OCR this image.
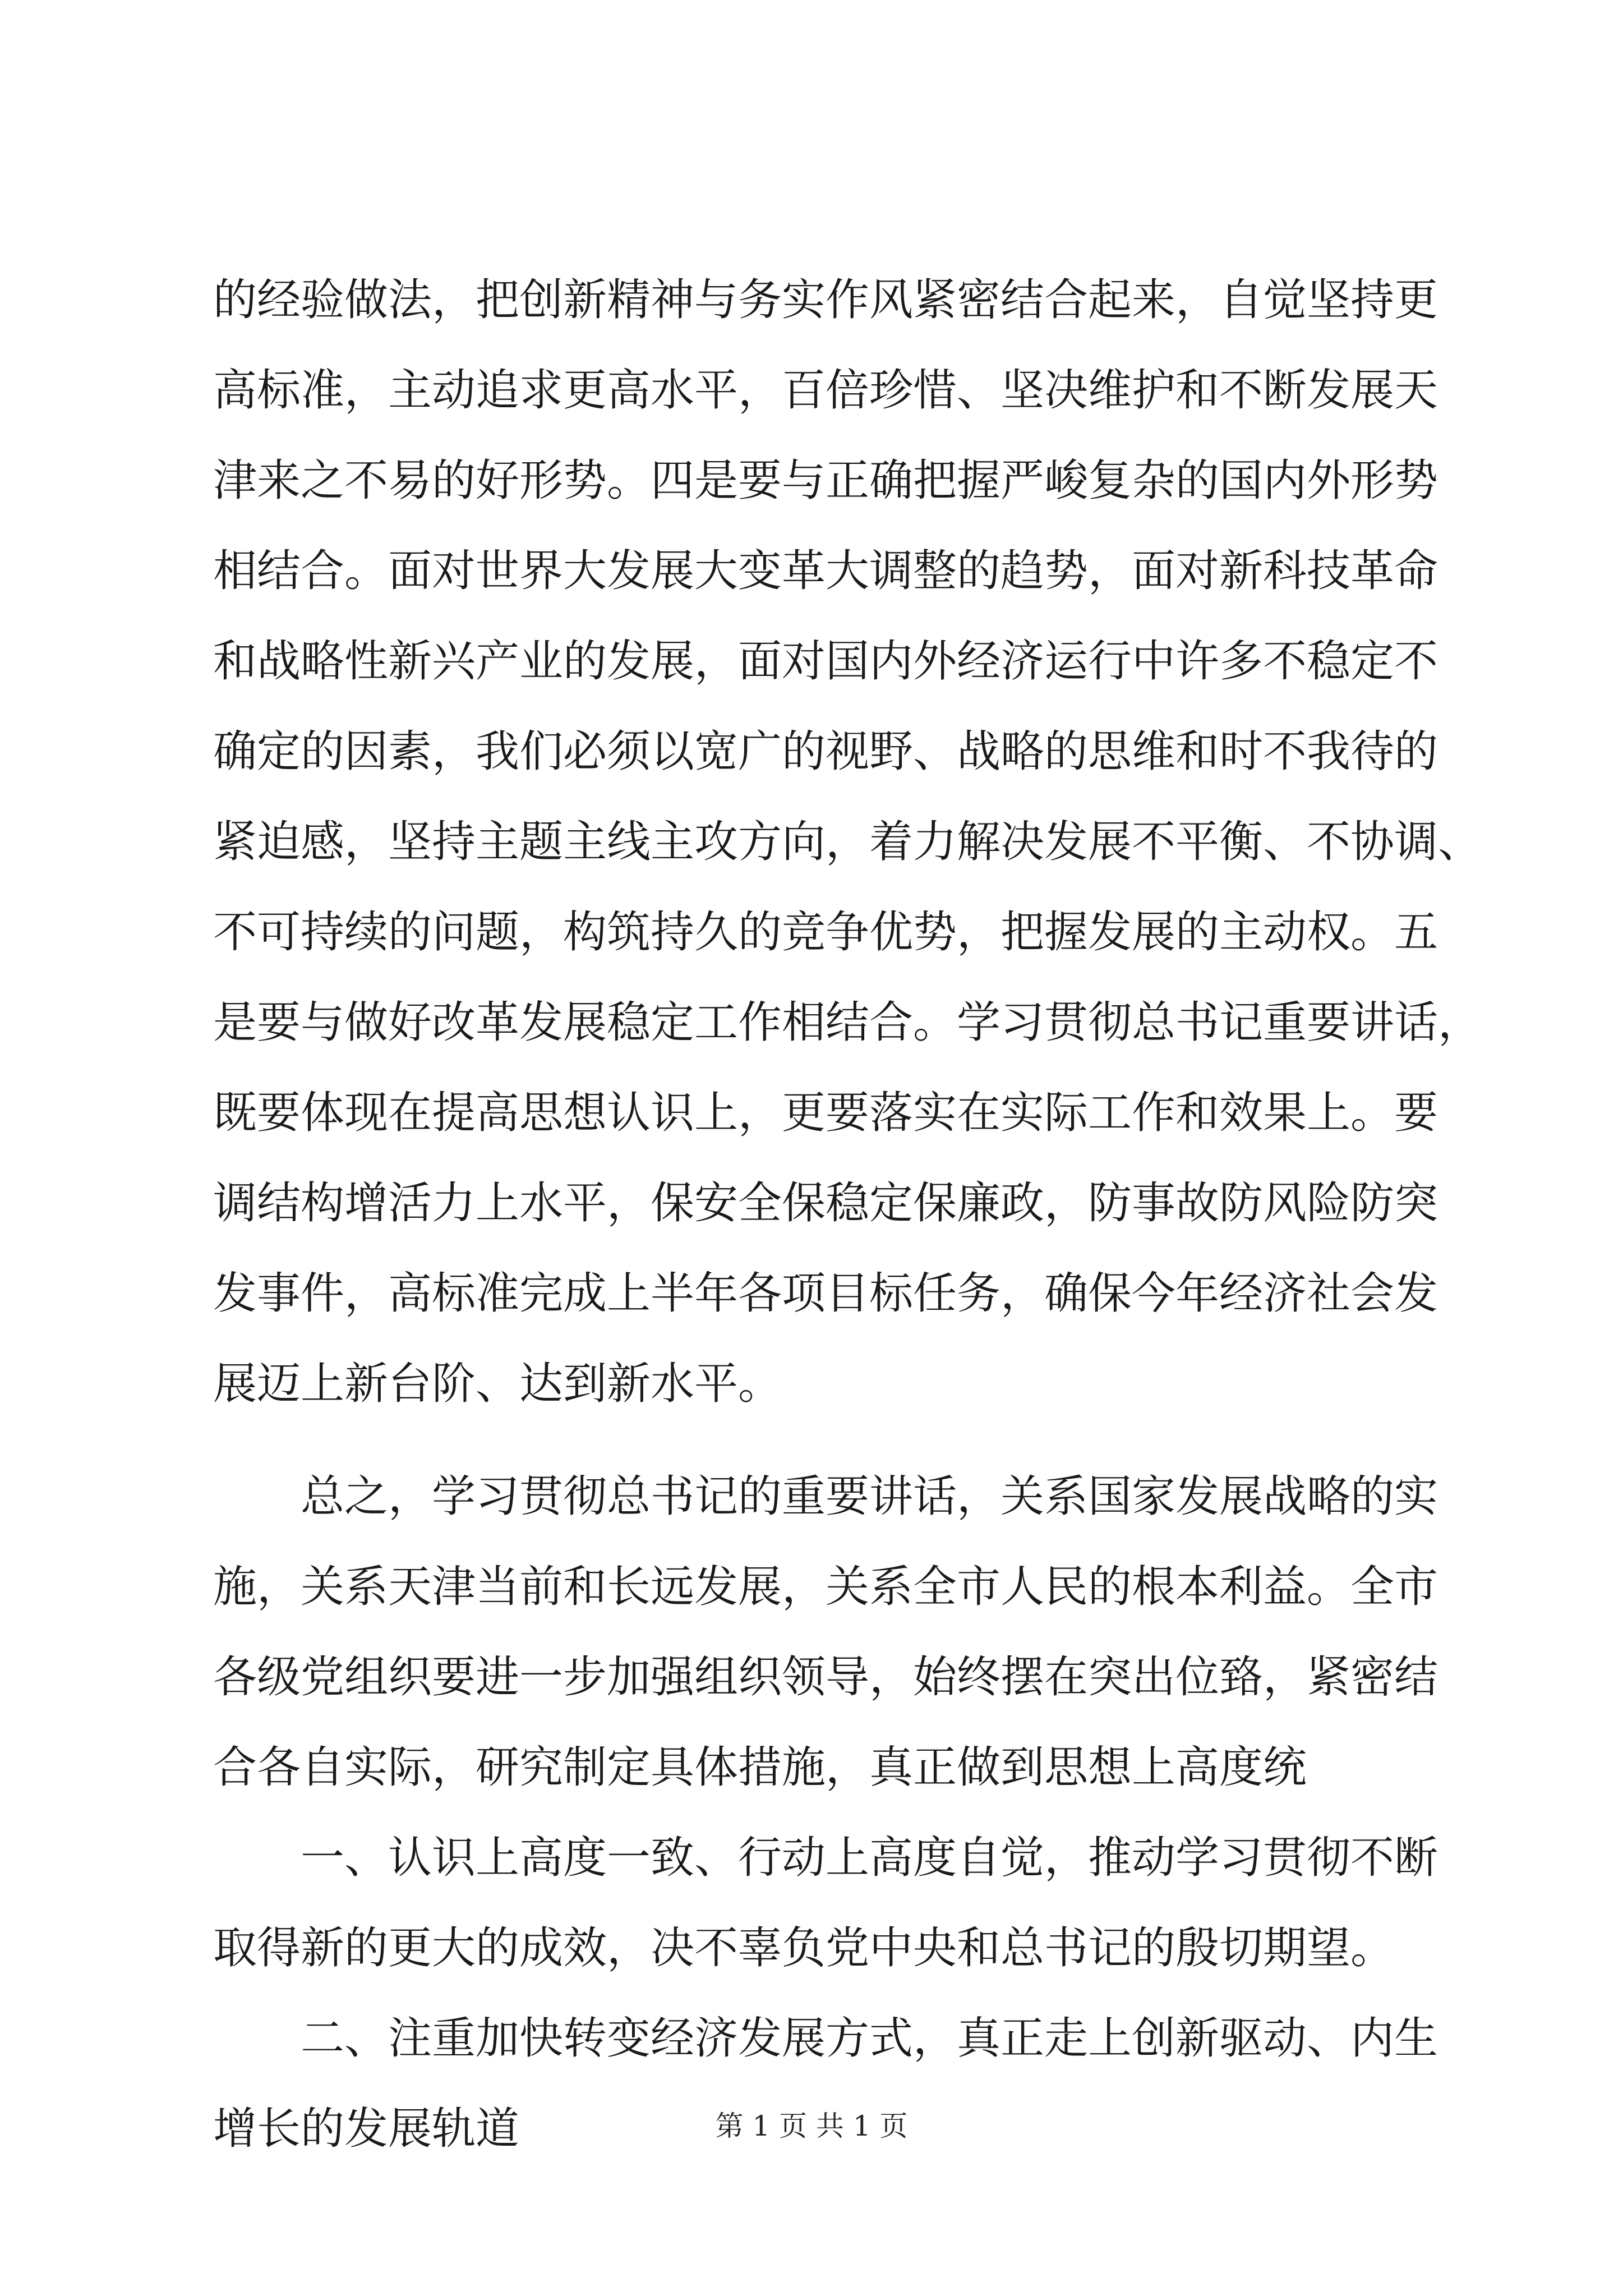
的经验做法，把创新精神与务实作风紧密结合起来，自觉坚持更
高标准，主动追求更高水平，百倍珍惜、坚决维护和不断发展天
津来之不易的好形势。四是要与正确把握严峻复杂的国内外形势
相结合。面对世界大发展大变革大调整的趋势，面对新科技革命
和战略性新兴产业的发展，面对国内外经济运行中许多不稳定不
确定的因素，我们必须以宽广的视野、战略的思维和时不我待的
紧迫感，坚持主题主线主攻方向，着力解决发展不平衡、不协调、
不可持续的问题，构筑持久的竞争优势，把握发展的主动权。五
是要与做好改革发展稳定工作相结合。学习贯彻总书记重要讲话，
既要体现在提高思想认识上，更要落实在实际工作和效果上。要
调结构增活力上水平，保安全保稳定保廉政，防事故防风险防突
发事件，高标准完成上半年各项目标任务，确保今年经济社会发
展迈上新台阶、达到新水平。
总之，学习贯彻总书记的重要讲话，关系国家发展战略的实
施，关系天津当前和长远发展，关系全市人民的根本利益。全市
各级党组织要进一步加强组织领导，始终摆在突出位臵，紧密结
合各自实际，研究制定具体措施，真正做到思想上高度统
一、认识上高度一致、行动上高度自觉，推动学习贯彻不断
取得新的更大的成效，决不辜负党中央和总书记的殷切期望。
二、注重加快转变经济发展方式，真正走上创新驱动、内生
增长的发展轨道	第 1 页 共 1 页
